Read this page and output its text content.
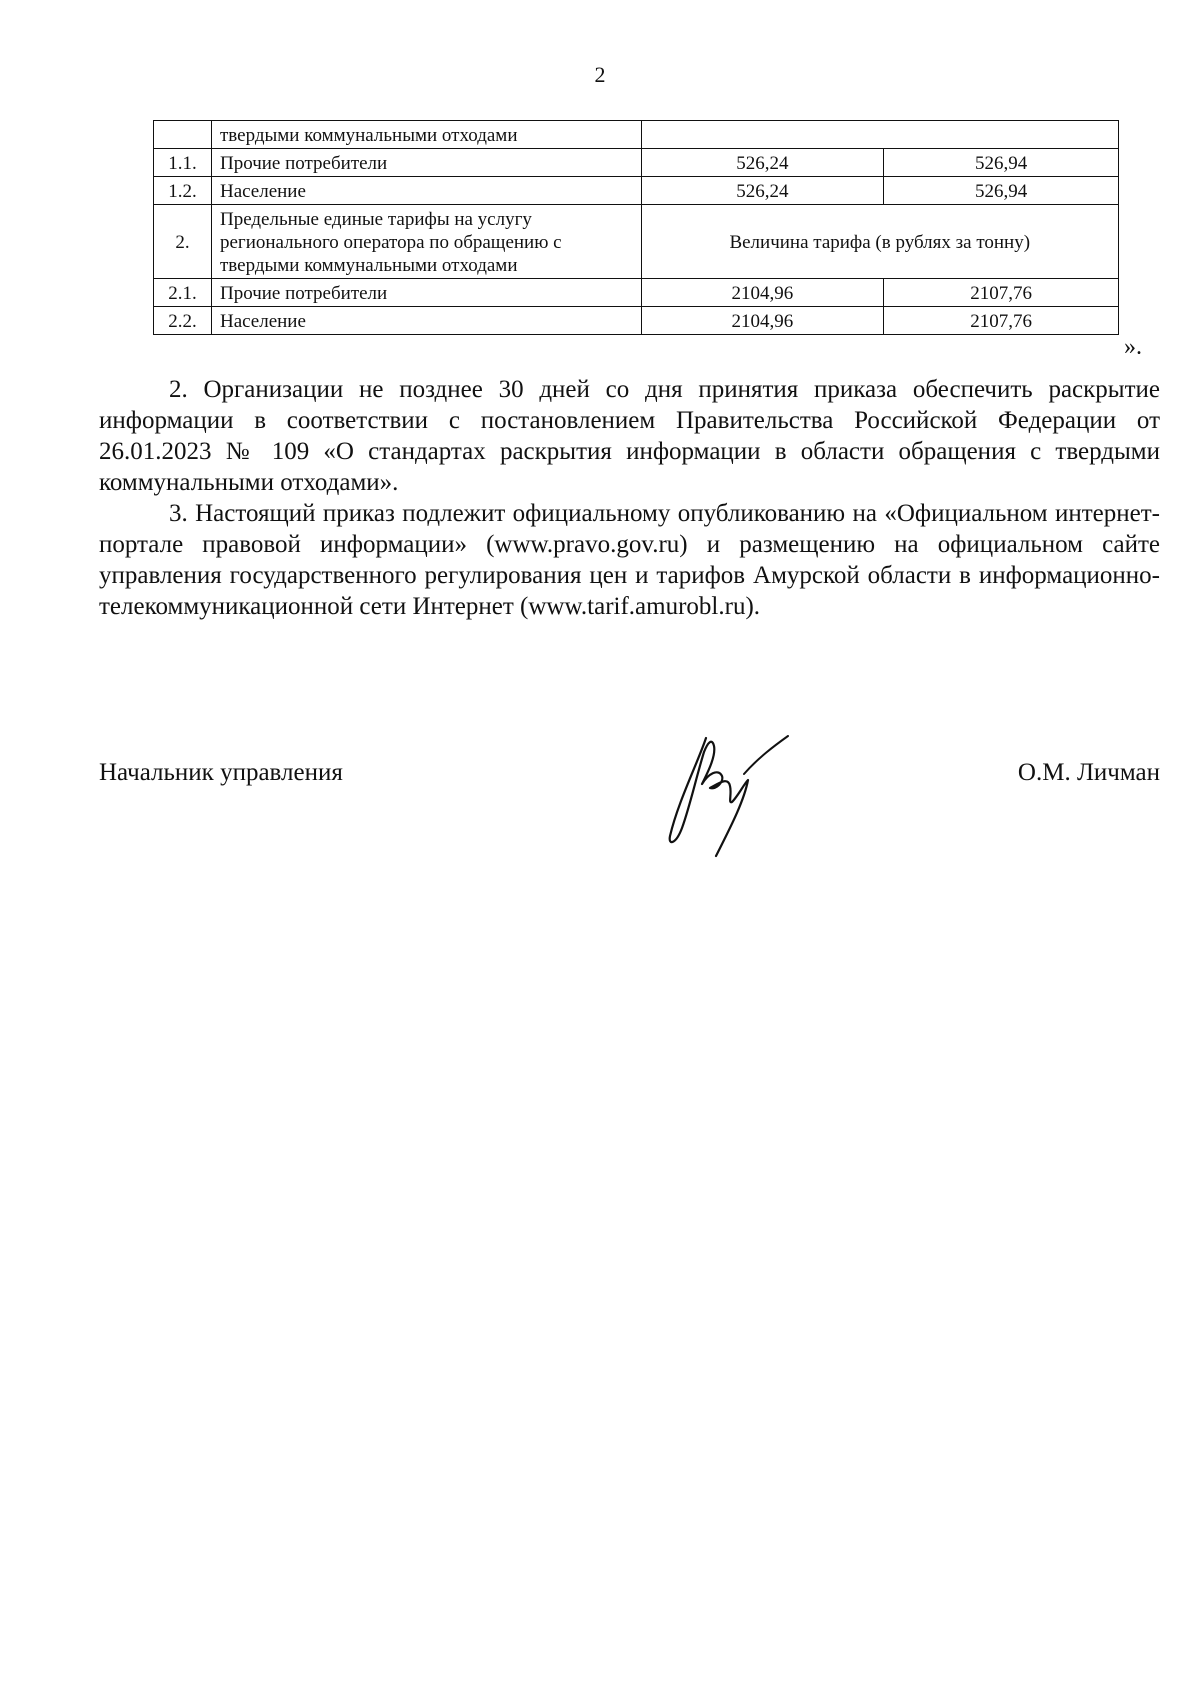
2
	твердыми коммунальными отходами		
1.1.	Прочие потребители	526,24	526,94
1.2.	Население	526,24	526,94
2.	Предельные единые тарифы на услугу регионального оператора по обращению с твердыми коммунальными отходами	Величина тарифа (в рублях за тонну)	
2.1.	Прочие потребители	2104,96	2107,76
2.2.	Население	2104,96	2107,76
».

2. Организации не позднее 30 дней со дня принятия приказа обеспечить раскрытие информации в соответствии с постановлением Правительства Российской Федерации от 26.01.2023 № 109 «О стандартах раскрытия информации в области обращения с твердыми коммунальными отходами».

3. Настоящий приказ подлежит официальному опубликованию на «Официальном интернет-портале правовой информации» (www.pravo.gov.ru) и размещению на официальном сайте управления государственного регулирования цен и тарифов Амурской области в информационно-телекоммуникационной сети Интернет (www.tarif.amurobl.ru).

Начальник управления	О.М. Личман
